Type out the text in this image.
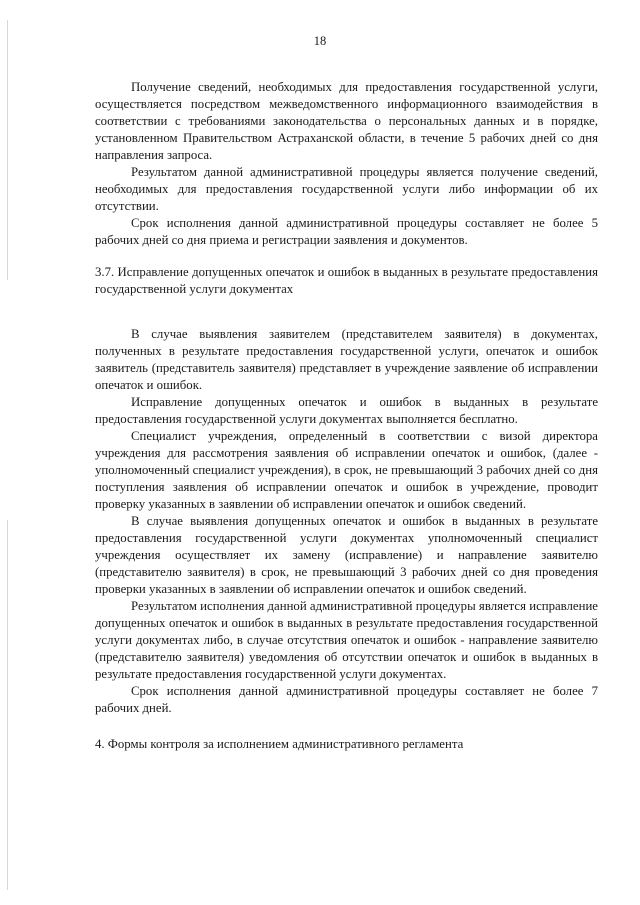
18

Получение сведений, необходимых для предоставления государственной услуги, осуществляется посредством межведомственного информационного взаимодействия в соответствии с требованиями законодательства о персональных данных и в порядке, установленном Правительством Астраханской области, в течение 5 рабочих дней со дня направления запроса.

Результатом данной административной процедуры является получение сведений, необходимых для предоставления государственной услуги либо информации об их отсутствии.

Срок исполнения данной административной процедуры составляет не более 5 рабочих дней со дня приема и регистрации заявления и документов.

3.7. Исправление допущенных опечаток и ошибок в выданных в результате предоставления государственной услуги документах

В случае выявления заявителем (представителем заявителя) в документах, полученных в результате предоставления государственной услуги, опечаток и ошибок заявитель (представитель заявителя) представляет в учреждение заявление об исправлении опечаток и ошибок.

Исправление допущенных опечаток и ошибок в выданных в результате предоставления государственной услуги документах выполняется бесплатно.

Специалист учреждения, определенный в соответствии с визой директора учреждения для рассмотрения заявления об исправлении опечаток и ошибок, (далее - уполномоченный специалист учреждения), в срок, не превышающий 3 рабочих дней со дня поступления заявления об исправлении опечаток и ошибок в учреждение, проводит проверку указанных в заявлении об исправлении опечаток и ошибок сведений.

В случае выявления допущенных опечаток и ошибок в выданных в результате предоставления государственной услуги документах уполномоченный специалист учреждения осуществляет их замену (исправление) и направление заявителю (представителю заявителя) в срок, не превышающий 3 рабочих дней со дня проведения проверки указанных в заявлении об исправлении опечаток и ошибок сведений.

Результатом исполнения данной административной процедуры является исправление допущенных опечаток и ошибок в выданных в результате предоставления государственной услуги документах либо, в случае отсутствия опечаток и ошибок - направление заявителю (представителю заявителя) уведомления об отсутствии опечаток и ошибок в выданных в результате предоставления государственной услуги документах.

Срок исполнения данной административной процедуры составляет не более 7 рабочих дней.

4. Формы контроля за исполнением административного регламента
